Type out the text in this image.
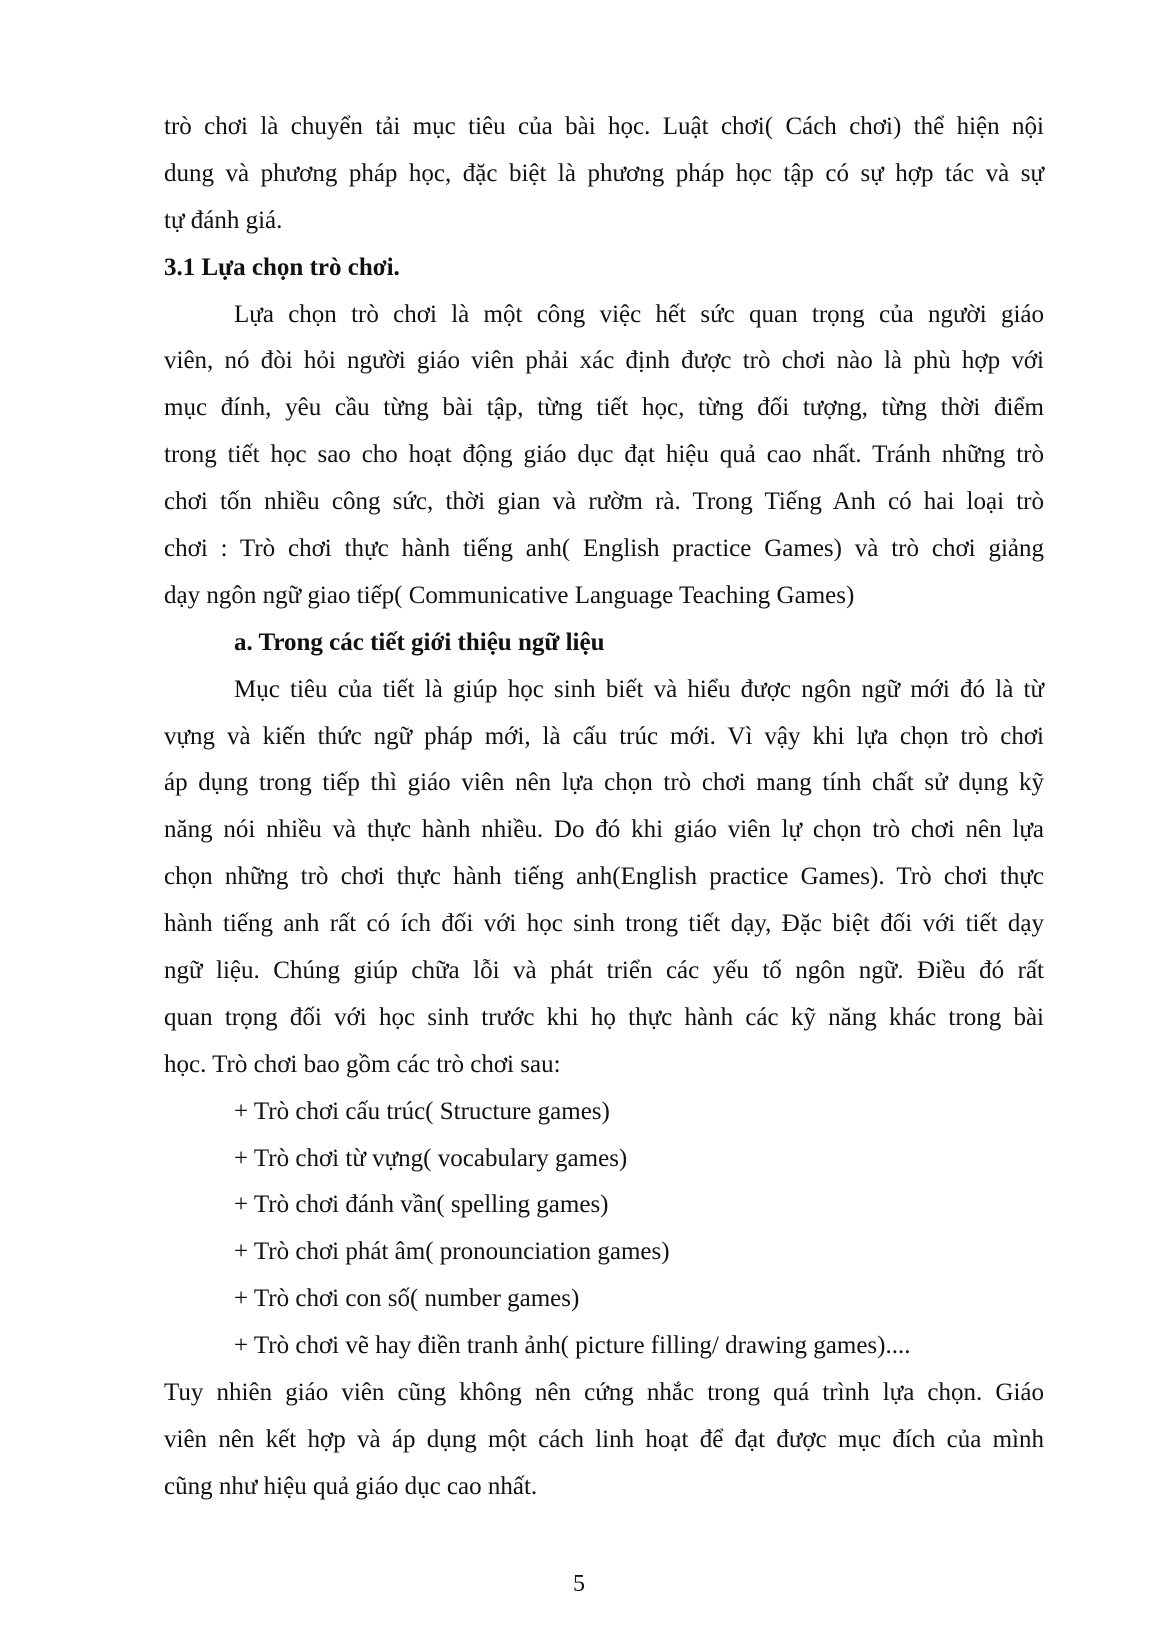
trò chơi là chuyển tải mục tiêu của bài học. Luật chơi( Cách chơi) thể hiện nội
dung và phương pháp học, đặc biệt là phương pháp học tập có sự hợp tác và sự
tự đánh giá.
3.1 Lựa chọn trò chơi.
Lựa chọn trò chơi là một công việc hết sức quan trọng của người giáo
viên, nó đòi hỏi người giáo viên phải xác định được trò chơi nào là phù hợp với
mục đính, yêu cầu từng bài tập, từng tiết học, từng đối tượng, từng thời điểm
trong tiết học sao cho hoạt động giáo dục đạt hiệu quả cao nhất. Tránh những trò
chơi tốn nhiều công sức, thời gian và rườm rà. Trong Tiếng Anh có hai loại trò
chơi : Trò chơi thực hành tiếng anh( English practice Games) và trò chơi giảng
dạy ngôn ngữ giao tiếp( Communicative Language Teaching Games)
a. Trong các tiết giới thiệu ngữ liệu
Mục tiêu của tiết là giúp học sinh biết và hiểu được ngôn ngữ mới đó là từ
vựng và kiến thức ngữ pháp mới, là cấu trúc mới. Vì vậy khi lựa chọn trò chơi
áp dụng trong tiếp thì giáo viên nên lựa chọn trò chơi mang tính chất sử dụng kỹ
năng nói nhiều và thực hành nhiều. Do đó khi giáo viên lự chọn trò chơi nên lựa
chọn những trò chơi thực hành tiếng anh(English practice Games). Trò chơi thực
hành tiếng anh rất có ích đối với học sinh trong tiết dạy, Đặc biệt đối với tiết dạy
ngữ liệu. Chúng giúp chữa lỗi và phát triển các yếu tố ngôn ngữ. Điều đó rất
quan trọng đối với học sinh trước khi họ thực hành các kỹ năng khác trong bài
học. Trò chơi bao gồm các trò chơi sau:
+ Trò chơi cấu trúc( Structure games)
+ Trò chơi từ vựng( vocabulary games)
+ Trò chơi đánh vần( spelling games)
+ Trò chơi phát âm( pronounciation games)
+ Trò chơi con số( number games)
+ Trò chơi vẽ hay điền tranh ảnh( picture filling/ drawing games)....
Tuy nhiên giáo viên cũng không nên cứng nhắc trong quá trình lựa chọn. Giáo
viên nên kết hợp và áp dụng một cách linh hoạt để đạt được mục đích của mình
cũng như hiệu quả giáo dục cao nhất.
5
